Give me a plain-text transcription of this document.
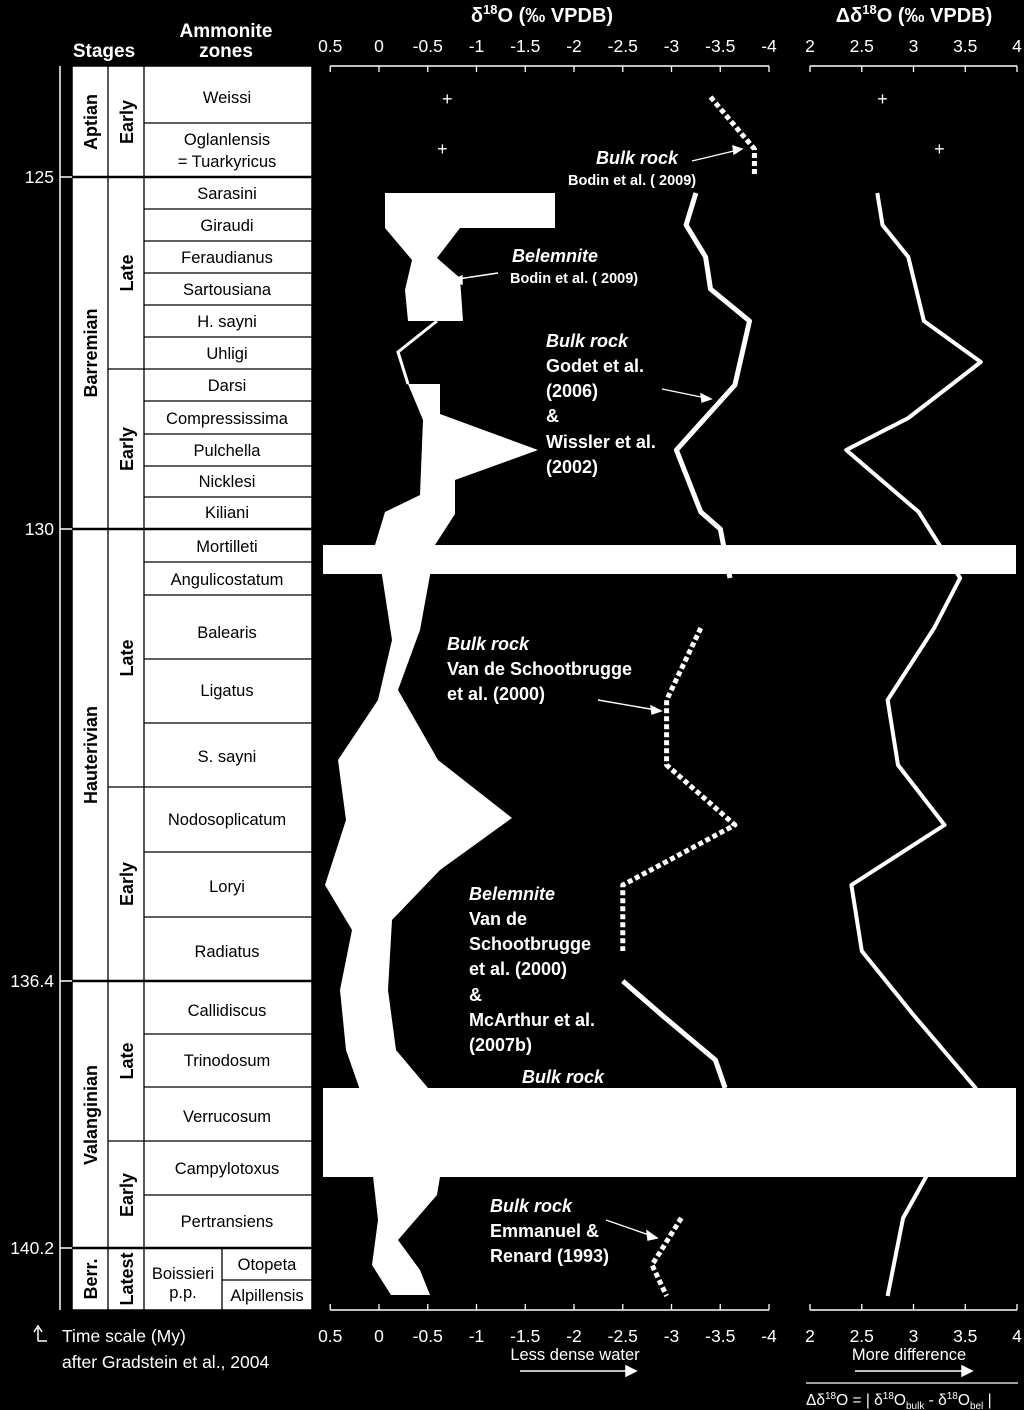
Stages
Ammonite
zones
125
130
136.4
140.2
Aptian
Barremian
Hauterivian
Valanginian
Berr.
Early
Late
Early
Late
Early
Late
Early
Latest
Weissi
Oglanlensis
= Tuarkyricus
Sarasini
Giraudi
Feraudianus
Sartousiana
H. sayni
Uhligi
Darsi
Compressissima
Pulchella
Nicklesi
Kiliani
Mortilleti
Angulicostatum
Balearis
Ligatus
S. sayni
Nodosoplicatum
Loryi
Radiatus
Callidiscus
Trinodosum
Verrucosum
Campylotoxus
Pertransiens
Boissieri
p.p.
Otopeta
Alpillensis
Time scale (My)
after Gradstein et al., 2004
$\delta^{18}O$ (‰ VPDB)
0.5 0 -0.5 -1 -1.5 -2 -2.5 -3 -3.5 -4
0.5 0 -0.5 -1 -1.5 -2 -2.5 -3 -3.5 -4
+
+	Bulk rock
Bodin et al. ( 2009)
Belemnite
Bodin et al. ( 2009)
Bulk rock
Godet et al.
(2006)
&
Wissler et al.
(2002)
Bulk rock
Van de Schootbrugge
et al. (2000)
Belemnite
Van de
Schootbrugge
et al. (2000)
&
McArthur et al.
(2007b)
Bulk rock
Bulk rock
Emmanuel &
Renard (1993)
Less dense water
$\Delta\delta^{18}O$ (‰ VPDB)
2 2.5 3 3.5 4
2 2.5 3 3.5 4
+
+
More difference
$\Delta\delta^{18}O$ = | $\delta^{18}O_{bulk} - \delta^{18}O_{bel}$ |
